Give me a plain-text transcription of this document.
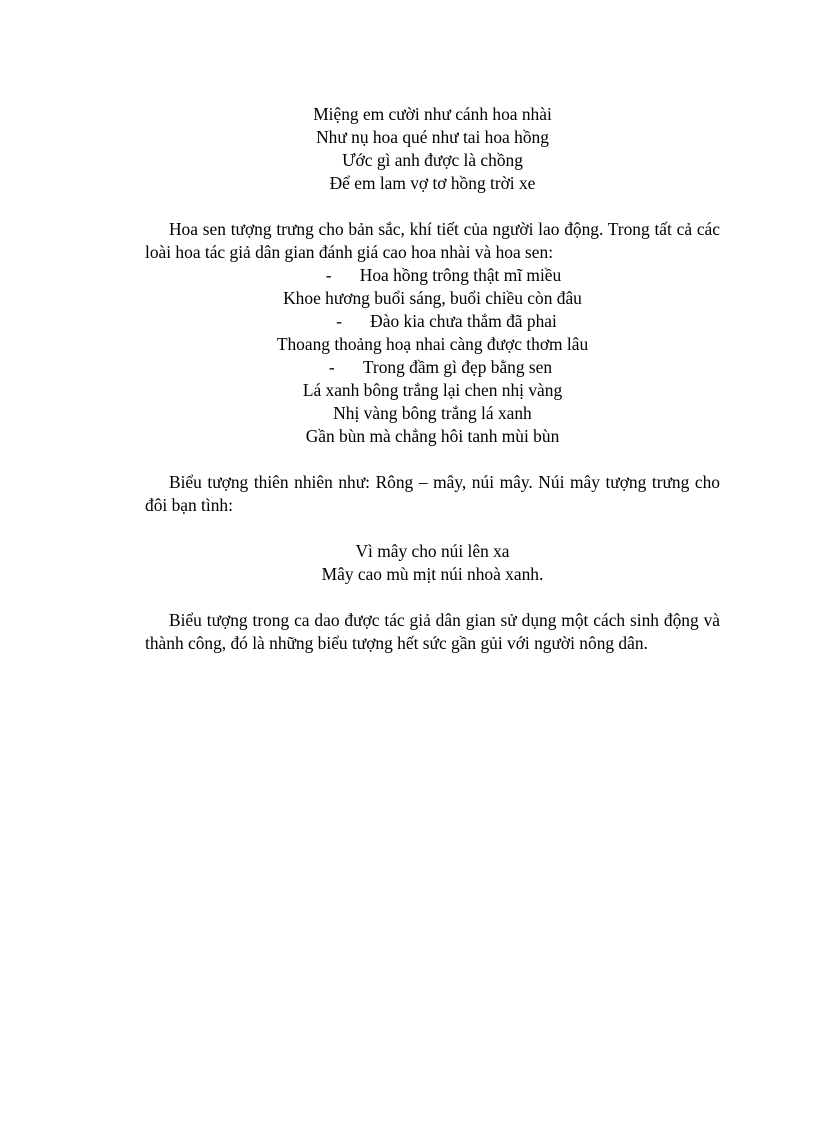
Miệng em cười như cánh hoa nhài
Như nụ hoa qué như tai hoa hồng
Ước gì anh được là chồng
Để em lam vợ tơ hồng trời xe
Hoa sen tượng trưng cho bản sắc, khí tiết của người lao động. Trong tất cả các loài hoa tác giả dân gian đánh giá cao hoa nhài và hoa sen:
- Hoa hồng trông thật mĩ miều
Khoe hương buổi sáng, buổi chiều còn đâu
- Đào kia chưa thắm đã phai
Thoang thoảng hoạ nhai càng được thơm lâu
- Trong đầm gì đẹp bằng sen
Lá xanh bông trắng lại chen nhị vàng
Nhị vàng bông trắng lá xanh
Gần bùn mà chẳng hôi tanh mùi bùn
Biểu tượng thiên nhiên như: Rông – mây, núi mây. Núi mây tượng trưng cho đôi bạn tình:
Vì mây cho núi lên xa
Mây cao mù mịt núi nhoà xanh.
Biểu tượng trong ca dao được tác giả dân gian sử dụng một cách sinh động và thành công, đó là những biểu tượng hết sức gần gủi với người nông dân.
